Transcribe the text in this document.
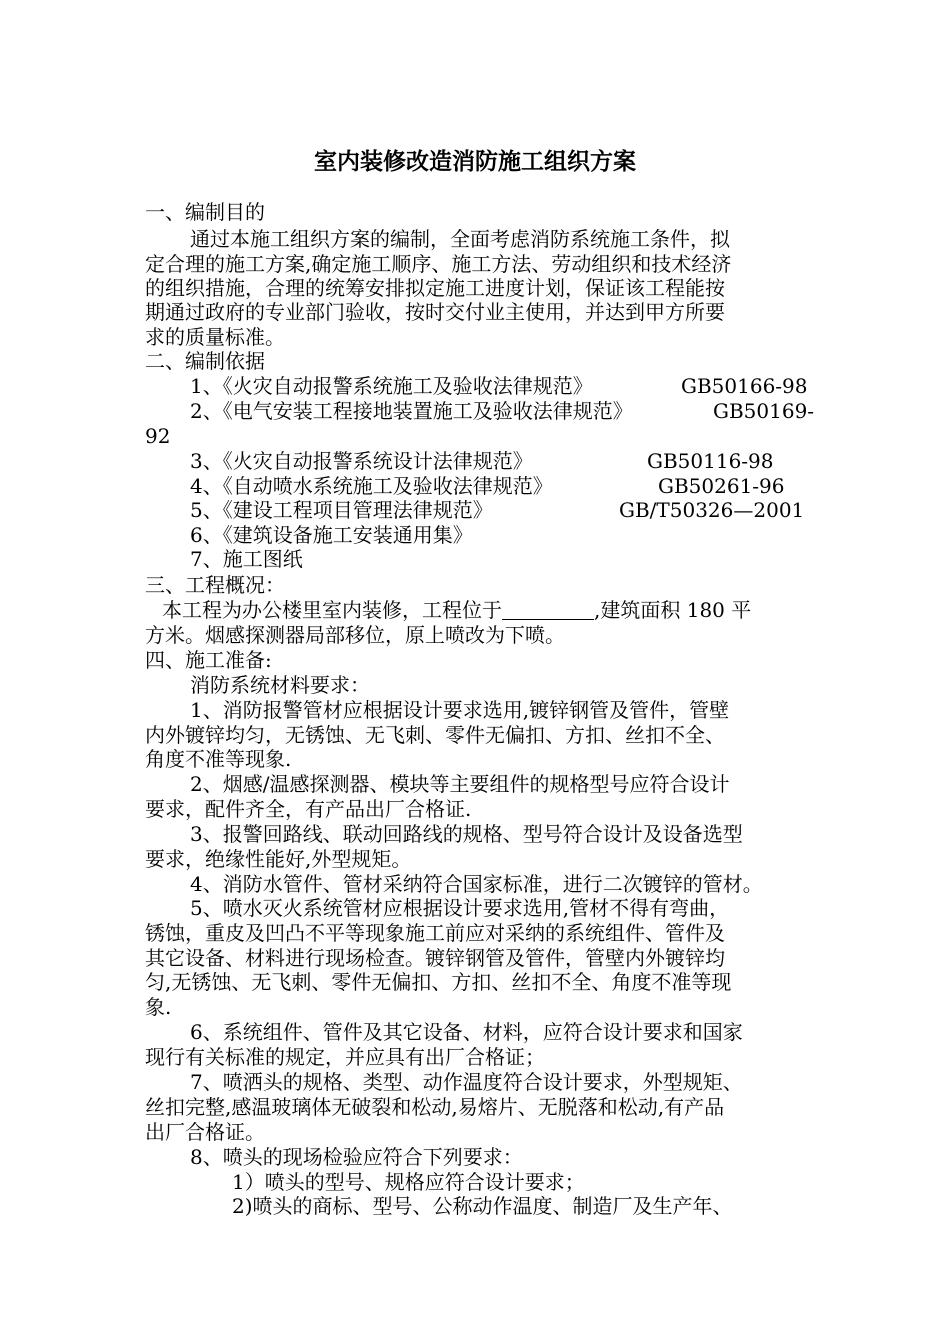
室内装修改造消防施工组织方案
一、编制目的
通过本施工组织方案的编制，全面考虑消防系统施工条件，拟
定合理的施工方案,确定施工顺序、施工方法、劳动组织和技术经济
的组织措施，合理的统筹安排拟定施工进度计划，保证该工程能按
期通过政府的专业部门验收，按时交付业主使用，并达到甲方所要
求的质量标准。
二、编制依据
1、《火灾自动报警系统施工及验收法律规范》	GB50166-98
2、《电气安装工程接地装置施工及验收法律规范》	GB50169-
92
3、《火灾自动报警系统设计法律规范》	GB50116-98
4、《自动喷水系统施工及验收法律规范》	GB50261-96
5、《建设工程项目管理法律规范》	GB/T50326—2001
6、《建筑设备施工安装通用集》
7、施工图纸
三、工程概况：
本工程为办公楼里室内装修，工程位于	,建筑面积 180 平
方米。烟感探测器局部移位，原上喷改为下喷。
四、施工准备:
消防系统材料要求：
1、消防报警管材应根据设计要求选用,镀锌钢管及管件，管壁
内外镀锌均匀，无锈蚀、无飞刺、零件无偏扣、方扣、丝扣不全、
角度不准等现象.
2、烟感/温感探测器、模块等主要组件的规格型号应符合设计
要求，配件齐全，有产品出厂合格证.
3、报警回路线、联动回路线的规格、型号符合设计及设备选型
要求，绝缘性能好,外型规矩。
4、消防水管件、管材采纳符合国家标准，进行二次镀锌的管材。
5、喷水灭火系统管材应根据设计要求选用,管材不得有弯曲，
锈蚀，重皮及凹凸不平等现象施工前应对采纳的系统组件、管件及
其它设备、材料进行现场检查。镀锌钢管及管件，管壁内外镀锌均
匀,无锈蚀、无飞刺、零件无偏扣、方扣、丝扣不全、角度不准等现
象.
6、系统组件、管件及其它设备、材料，应符合设计要求和国家
现行有关标准的规定，并应具有出厂合格证；
7、喷洒头的规格、类型、动作温度符合设计要求，外型规矩、
丝扣完整,感温玻璃体无破裂和松动,易熔片、无脱落和松动,有产品
出厂合格证。
8、喷头的现场检验应符合下列要求：
1）喷头的型号、规格应符合设计要求；
2)喷头的商标、型号、公称动作温度、制造厂及生产年、
